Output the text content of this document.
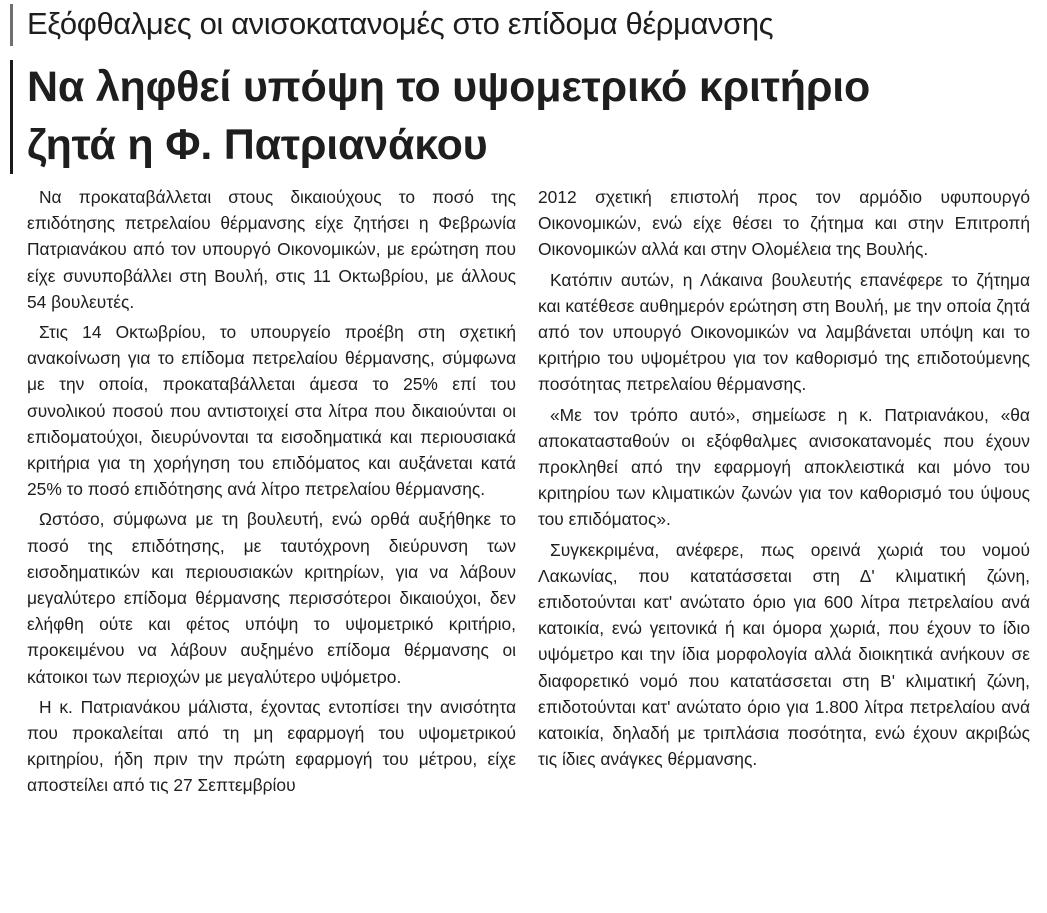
Εξόφθαλμες οι ανισοκατανομές στο επίδομα θέρμανσης
Να ληφθεί υπόψη το υψομετρικό κριτήριο
ζητά η Φ. Πατριανάκου

Να προκαταβάλλεται στους δικαιούχους το ποσό της επιδότησης πετρελαίου θέρμανσης είχε ζητήσει η Φεβρωνία Πατριανάκου από τον υπουργό Οικονομικών, με ερώτηση που είχε συνυποβάλλει στη Βουλή, στις 11 Οκτωβρίου, με άλλους 54 βουλευτές.

Στις 14 Οκτωβρίου, το υπουργείο προέβη στη σχετική ανακοίνωση για το επίδομα πετρελαίου θέρμανσης, σύμφωνα με την οποία, προκαταβάλλεται άμεσα το 25% επί του συνολικού ποσού που αντιστοιχεί στα λίτρα που δικαιούνται οι επιδοματούχοι, διευρύνονται τα εισοδηματικά και περιουσιακά κριτήρια για τη χορήγηση του επιδόματος και αυξάνεται κατά 25% το ποσό επιδότησης ανά λίτρο πετρελαίου θέρμανσης.

Ωστόσο, σύμφωνα με τη βουλευτή, ενώ ορθά αυξήθηκε το ποσό της επιδότησης, με ταυτόχρονη διεύρυνση των εισοδηματικών και περιουσιακών κριτηρίων, για να λάβουν μεγαλύτερο επίδομα θέρμανσης περισσότεροι δικαιούχοι, δεν ελήφθη ούτε και φέτος υπόψη το υψομετρικό κριτήριο, προκειμένου να λάβουν αυξημένο επίδομα θέρμανσης οι κάτοικοι των περιοχών με μεγαλύτερο υψόμετρο.

Η κ. Πατριανάκου μάλιστα, έχοντας εντοπίσει την ανισότητα που προκαλείται από τη μη εφαρμογή του υψομετρικού κριτηρίου, ήδη πριν την πρώτη εφαρμογή του μέτρου, είχε αποστείλει από τις 27 Σεπτεμβρίου

2012 σχετική επιστολή προς τον αρμόδιο υφυπουργό Οικονομικών, ενώ είχε θέσει το ζήτημα και στην Επιτροπή Οικονομικών αλλά και στην Ολομέλεια της Βουλής.

Κατόπιν αυτών, η Λάκαινα βουλευτής επανέφερε το ζήτημα και κατέθεσε αυθημερόν ερώτηση στη Βουλή, με την οποία ζητά από τον υπουργό Οικονομικών να λαμβάνεται υπόψη και το κριτήριο του υψομέτρου για τον καθορισμό της επιδοτούμενης ποσότητας πετρελαίου θέρμανσης.

«Με τον τρόπο αυτό», σημείωσε η κ. Πατριανάκου, «θα αποκατασταθούν οι εξόφθαλμες ανισοκατανομές που έχουν προκληθεί από την εφαρμογή αποκλειστικά και μόνο του κριτηρίου των κλιματικών ζωνών για τον καθορισμό του ύψους του επιδόματος».

Συγκεκριμένα, ανέφερε, πως ορεινά χωριά του νομού Λακωνίας, που κατατάσσεται στη Δ' κλιματική ζώνη, επιδοτούνται κατ' ανώτατο όριο για 600 λίτρα πετρελαίου ανά κατοικία, ενώ γειτονικά ή και όμορα χωριά, που έχουν το ίδιο υψόμετρο και την ίδια μορφολογία αλλά διοικητικά ανήκουν σε διαφορετικό νομό που κατατάσσεται στη Β' κλιματική ζώνη, επιδοτούνται κατ' ανώτατο όριο για 1.800 λίτρα πετρελαίου ανά κατοικία, δηλαδή με τριπλάσια ποσότητα, ενώ έχουν ακριβώς τις ίδιες ανάγκες θέρμανσης.
